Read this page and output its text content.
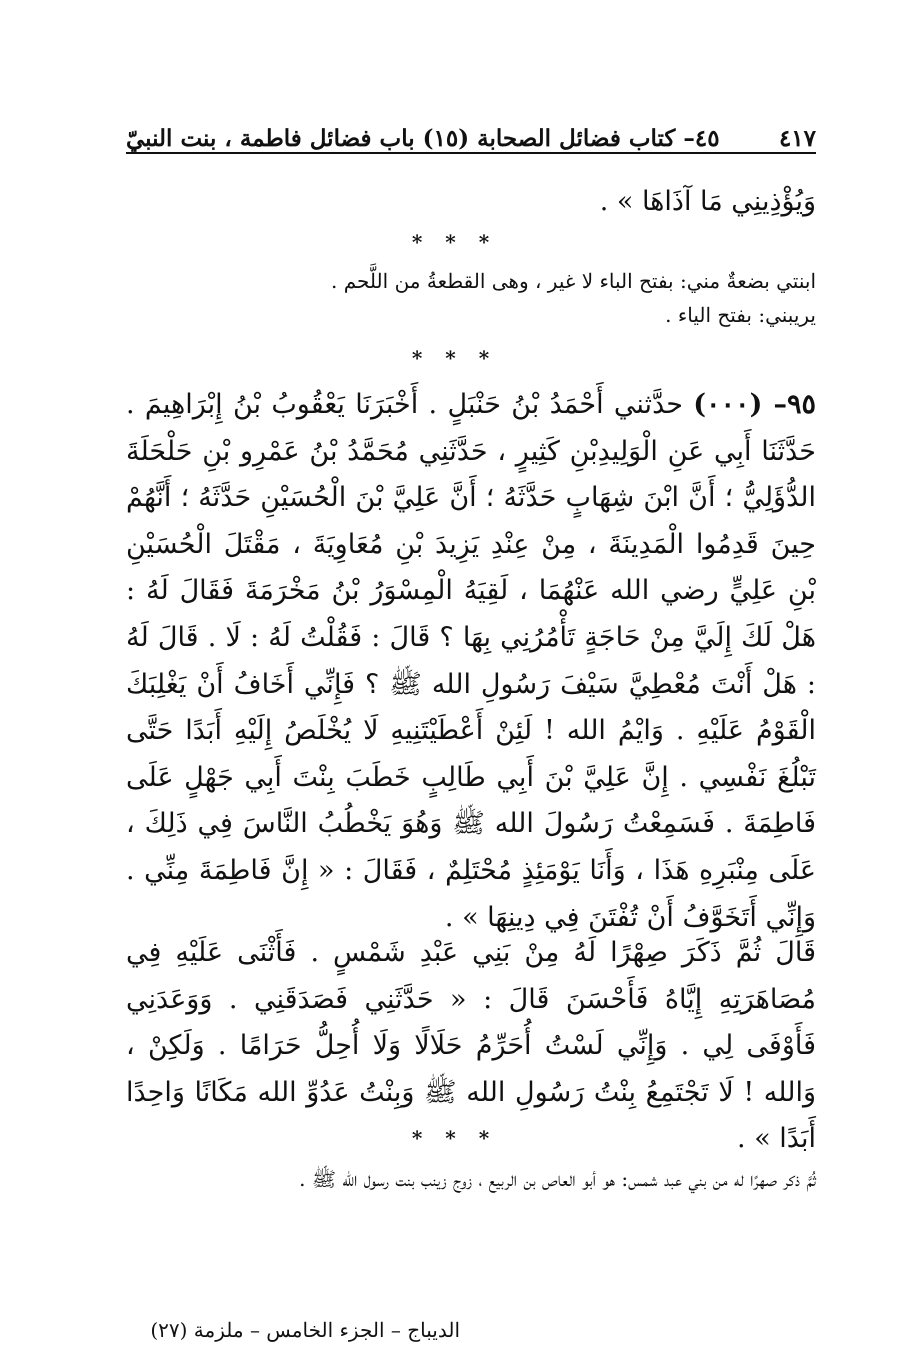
٤٥– كتاب فضائل الصحابة (١٥) باب فضائل فاطمة ، بنت النبيّ	٤١٧
وَيُؤْذِينِي مَا آذَاهَا » .
* * *
ابنتي بضعةٌ مني: بفتح الباء لا غير ، وهى القطعةُ من اللَّحم .
يريبني: بفتح الياء .
* * *
٩٥– (٠٠٠) حدَّثني أَحْمَدُ بْنُ حَنْبَلٍ . أَخْبَرَنَا يَعْقُوبُ بْنُ إِبْرَاهِيمَ . حَدَّثَنَا أَبِي عَنِ الْوَلِيدِبْنِ كَثِيرٍ ، حَدَّثَنِي مُحَمَّدُ بْنُ عَمْرِو بْنِ حَلْحَلَةَ الدُّؤَلِيُّ ؛ أَنَّ ابْنَ شِهَابٍ حَدَّثَهُ ؛ أَنَّ عَلِيَّ بْنَ الْحُسَيْنِ حَدَّثَهُ ؛ أَنَّهُمْ حِينَ قَدِمُوا الْمَدِينَةَ ، مِنْ عِنْدِ يَزِيدَ بْنِ مُعَاوِيَةَ ، مَقْتَلَ الْحُسَيْنِ بْنِ عَلِيٍّ رضي الله عَنْهُمَا ، لَقِيَهُ الْمِسْوَرُ بْنُ مَخْرَمَةَ فَقَالَ لَهُ : هَلْ لَكَ إِلَيَّ مِنْ حَاجَةٍ تَأْمُرُنِي بِهَا ؟ قَالَ : فَقُلْتُ لَهُ : لَا . قَالَ لَهُ : هَلْ أَنْتَ مُعْطِيَّ سَيْفَ رَسُولِ الله ﷺ ؟ فَإِنِّي أَخَافُ أَنْ يَغْلِبَكَ الْقَوْمُ عَلَيْهِ . وَايْمُ الله ! لَئِنْ أَعْطَيْتَنِيهِ لَا يُخْلَصُ إِلَيْهِ أَبَدًا حَتَّى تَبْلُغَ نَفْسِي . إِنَّ عَلِيَّ بْنَ أَبِي طَالِبٍ خَطَبَ بِنْتَ أَبِي جَهْلٍ عَلَى فَاطِمَةَ . فَسَمِعْتُ رَسُولَ الله ﷺ وَهُوَ يَخْطُبُ النَّاسَ فِي ذَلِكَ ، عَلَى مِنْبَرِهِ هَذَا ، وَأَنَا يَوْمَئِذٍ مُحْتَلِمٌ ، فَقَالَ : « إِنَّ فَاطِمَةَ مِنِّي . وَإِنِّي أَتَخَوَّفُ أَنْ تُفْتَنَ فِي دِينِهَا » .
قَالَ ثُمَّ ذَكَرَ صِهْرًا لَهُ مِنْ بَنِي عَبْدِ شَمْسٍ . فَأَثْنَى عَلَيْهِ فِي مُصَاهَرَتِهِ إِيَّاهُ فَأَحْسَنَ قَالَ : « حَدَّثَنِي فَصَدَقَنِي . وَوَعَدَنِي فَأَوْفَى لِي . وَإِنِّي لَسْتُ أُحَرِّمُ حَلَالًا وَلَا أُحِلُّ حَرَامًا . وَلَكِنْ ، وَالله ! لَا تَجْتَمِعُ بِنْتُ رَسُولِ الله ﷺ وَبِنْتُ عَدُوِّ الله مَكَانًا وَاحِدًا أَبَدًا » .
* * *
ثُمَّ ذكر صهرًا له من بني عبد شمس: هو أبو العاص بن الربيع ، زوج زينب بنت رسول الله ﷺ .
الديباج – الجزء الخامس – ملزمة (٢٧)
